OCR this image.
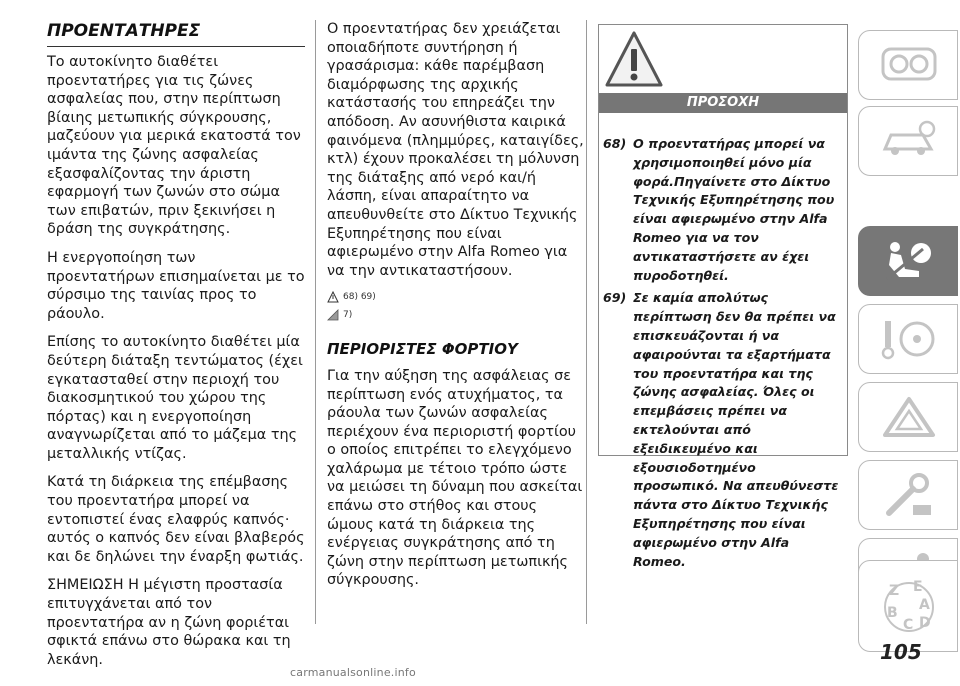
ΠΡΟΕΝΤΑΤΗΡΕΣ

Το αυτοκίνητο διαθέτει προεντατήρες για τις ζώνες ασφαλείας που, στην περίπτωση βίαιης μετωπικής σύγκρουσης, μαζεύουν για μερικά εκατοστά τον ιμάντα της ζώνης ασφαλείας εξασφαλίζοντας την άριστη εφαρμογή των ζωνών στο σώμα των επιβατών, πριν ξεκινήσει η δράση της συγκράτησης.

Η ενεργοποίηση των προεντατήρων επισημαίνεται με το σύρσιμο της ταινίας προς το ράουλο.

Επίσης το αυτοκίνητο διαθέτει μία δεύτερη διάταξη τεντώματος (έχει εγκατασταθεί στην περιοχή του διακοσμητικού του χώρου της πόρτας) και η ενεργοποίηση αναγνωρίζεται από το μάζεμα της μεταλλικής ντίζας.

Κατά τη διάρκεια της επέμβασης του προεντατήρα μπορεί να εντοπιστεί ένας ελαφρύς καπνός· αυτός ο καπνός δεν είναι βλαβερός και δε δηλώνει την έναρξη φωτιάς.

ΣΗΜΕΙΩΣΗ Η μέγιστη προστασία επιτυγχάνεται από τον προεντατήρα αν η ζώνη φοριέται σφικτά επάνω στο θώρακα και τη λεκάνη.

Ο προεντατήρας δεν χρειάζεται οποιαδήποτε συντήρηση ή γρασάρισμα: κάθε παρέμβαση διαμόρφωσης της αρχικής κατάστασής του επηρεάζει την απόδοση. Αν ασυνήθιστα καιρικά φαινόμενα (πλημμύρες, καταιγίδες, κτλ) έχουν προκαλέσει τη μόλυνση της διάταξης από νερό και/ή λάσπη, είναι απαραίτητο να απευθυνθείτε στο Δίκτυο Τεχνικής Εξυπηρέτησης που είναι αφιερωμένο στην Alfa Romeo για να την αντικαταστήσουν.

68) 69)
7)
ΠΕΡΙΟΡΙΣΤΕΣ ΦΟΡΤΙΟΥ

Για την αύξηση της ασφάλειας σε περίπτωση ενός ατυχήματος, τα ράουλα των ζωνών ασφαλείας περιέχουν ένα περιοριστή φορτίου ο οποίος επιτρέπει το ελεγχόμενο χαλάρωμα με τέτοιο τρόπο ώστε να μειώσει τη δύναμη που ασκείται επάνω στο στήθος και στους ώμους κατά τη διάρκεια της ενέργειας συγκράτησης από τη ζώνη στην περίπτωση μετωπικής σύγκρουσης.

ΠΡΟΣΟΧΗ
68) Ο προεντατήρας μπορεί να χρησιμοποιηθεί μόνο μία φορά.Πηγαίνετε στο Δίκτυο Τεχνικής Εξυπηρέτησης που είναι αφιερωμένο στην Alfa Romeo για να τον αντικαταστήσετε αν έχει πυροδοτηθεί.
69) Σε καμία απολύτως περίπτωση δεν θα πρέπει να επισκευάζονται ή να αφαιρούνται τα εξαρτήματα του προεντατήρα και της ζώνης ασφαλείας. Όλες οι επεμβάσεις πρέπει να εκτελούνται από εξειδικευμένο και εξουσιοδοτημένο προσωπικό. Να απευθύνεστε πάντα στο Δίκτυο Τεχνικής Εξυπηρέτησης που είναι αφιερωμένο στην Alfa Romeo.
Z E
A
B
C D
105
carmanualsonline.info
